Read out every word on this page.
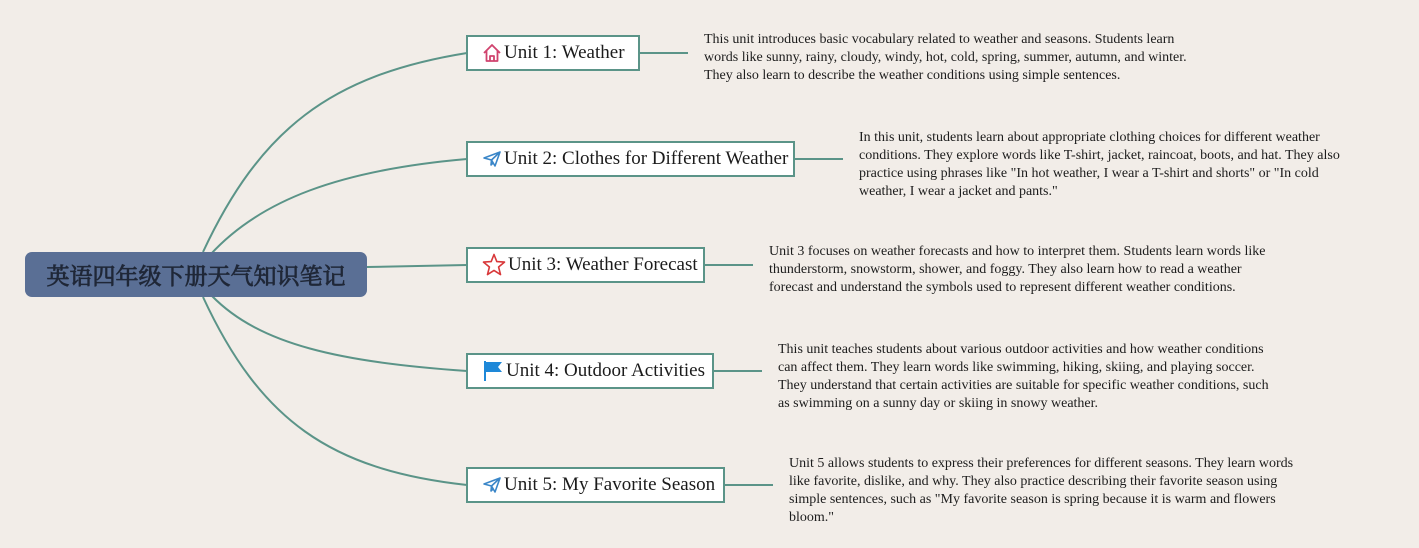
英语四年级下册天气知识笔记
Unit 1: Weather
This unit introduces basic vocabulary related to weather and seasons. Students learn words like sunny, rainy, cloudy, windy, hot, cold, spring, summer, autumn, and winter. They also learn to describe the weather conditions using simple sentences.
Unit 2: Clothes for Different Weather
In this unit, students learn about appropriate clothing choices for different weather conditions. They explore words like T-shirt, jacket, raincoat, boots, and hat. They also practice using phrases like "In hot weather, I wear a T-shirt and shorts" or "In cold weather, I wear a jacket and pants."
Unit 3: Weather Forecast
Unit 3 focuses on weather forecasts and how to interpret them. Students learn words like thunderstorm, snowstorm, shower, and foggy. They also learn how to read a weather forecast and understand the symbols used to represent different weather conditions.
Unit 4: Outdoor Activities
This unit teaches students about various outdoor activities and how weather conditions can affect them. They learn words like swimming, hiking, skiing, and playing soccer. They understand that certain activities are suitable for specific weather conditions, such as swimming on a sunny day or skiing in snowy weather.
Unit 5: My Favorite Season
Unit 5 allows students to express their preferences for different seasons. They learn words like favorite, dislike, and why. They also practice describing their favorite season using simple sentences, such as "My favorite season is spring because it is warm and flowers bloom."
